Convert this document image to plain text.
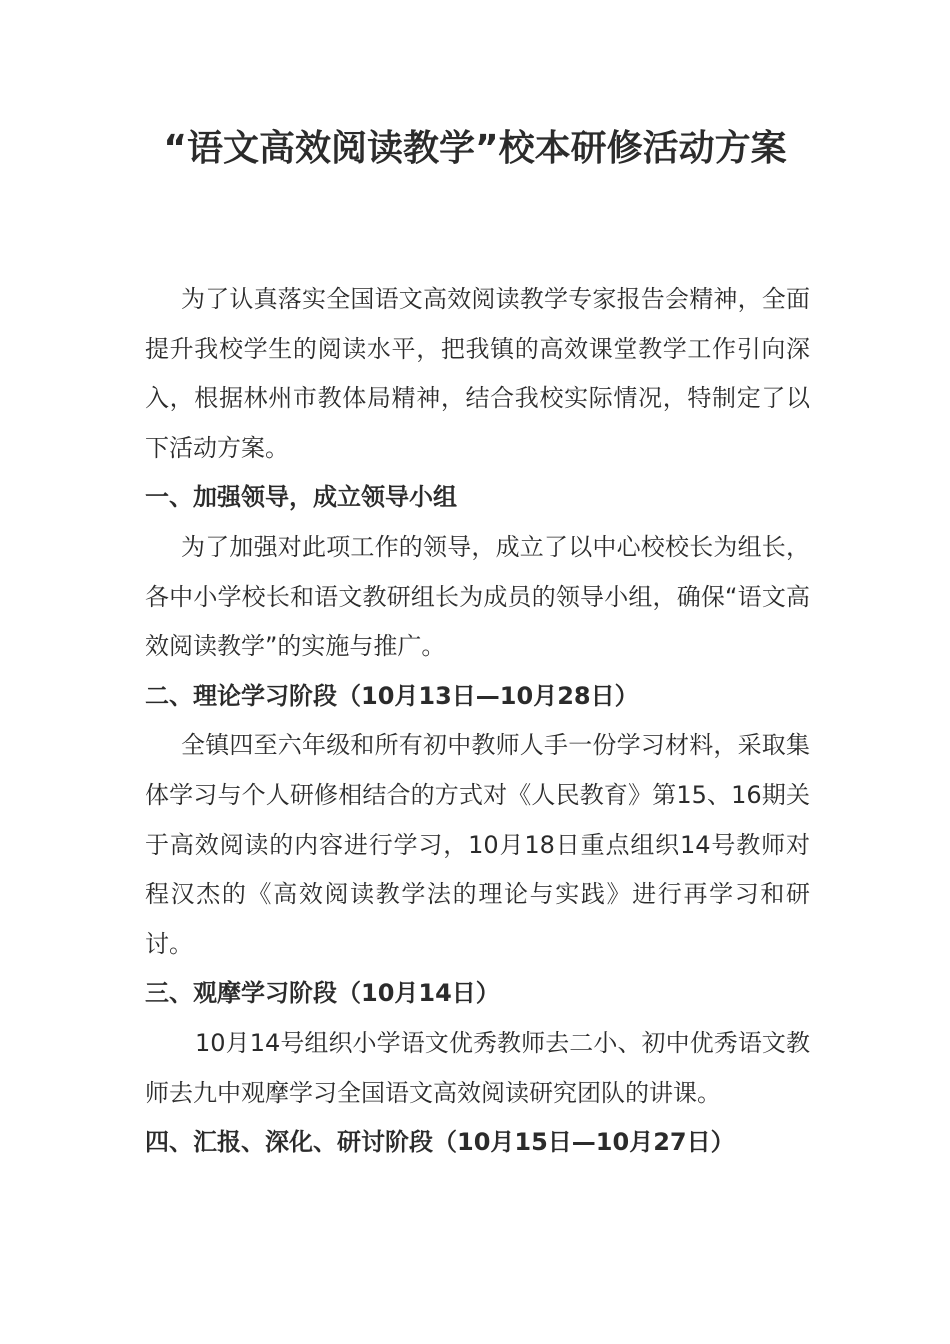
“语文高效阅读教学”校本研修活动方案

为了认真落实全国语文高效阅读教学专家报告会精神，全面提升我校学生的阅读水平，把我镇的高效课堂教学工作引向深入，根据林州市教体局精神，结合我校实际情况，特制定了以下活动方案。

一、加强领导，成立领导小组

为了加强对此项工作的领导，成立了以中心校校长为组长，各中小学校长和语文教研组长为成员的领导小组，确保“语文高效阅读教学”的实施与推广。

二、理论学习阶段（10月13日—10月28日）

全镇四至六年级和所有初中教师人手一份学习材料，采取集体学习与个人研修相结合的方式对《人民教育》第15、16期关于高效阅读的内容进行学习，10月18日重点组织14号教师对程汉杰的《高效阅读教学法的理论与实践》进行再学习和研讨。

三、观摩学习阶段（10月14日）

10月14号组织小学语文优秀教师去二小、初中优秀语文教师去九中观摩学习全国语文高效阅读研究团队的讲课。

四、汇报、深化、研讨阶段（10月15日—10月27日）
